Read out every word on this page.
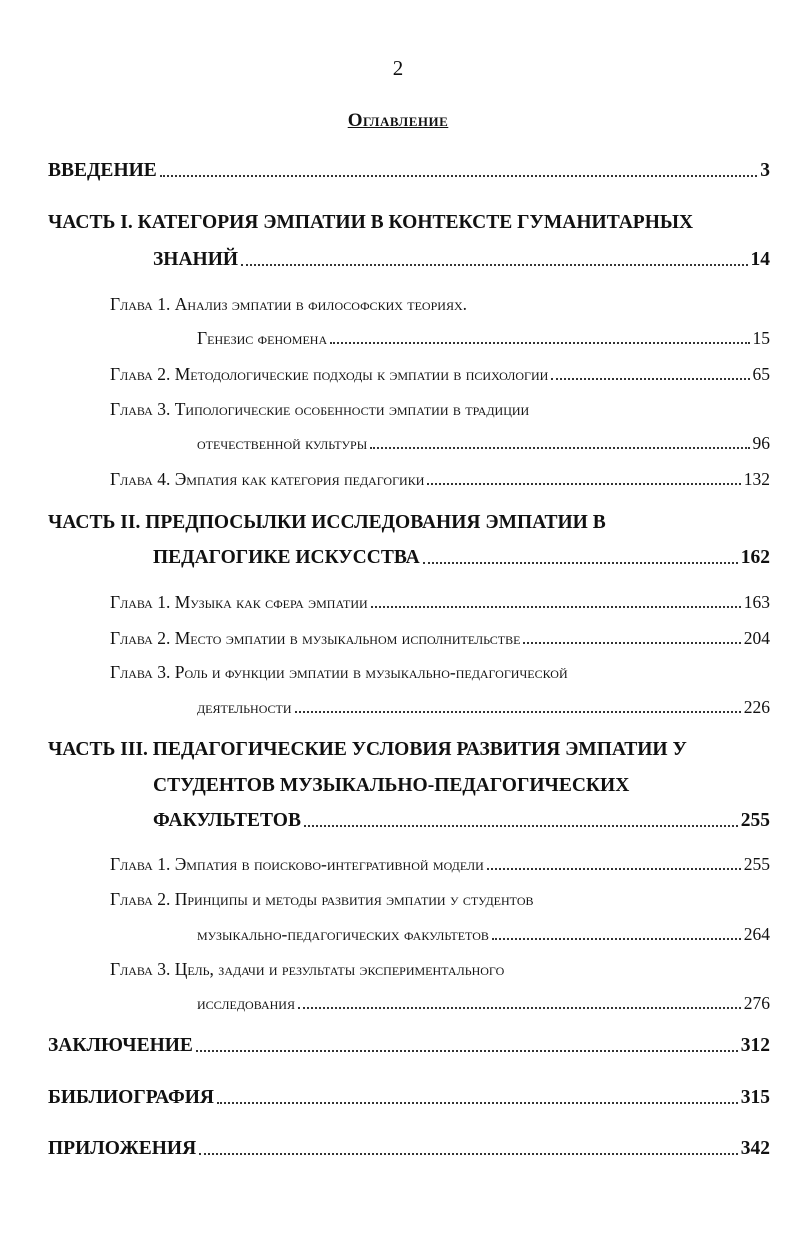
2
Оглавление
ВВЕДЕНИЕ	3
ЧАСТЬ I. КАТЕГОРИЯ ЭМПАТИИ В КОНТЕКСТЕ ГУМАНИТАРНЫХ
ЗНАНИЙ	14
Глава 1. Анализ эмпатии в философских теориях.
Генезис феномена	15
Глава 2. Методологические подходы к эмпатии в психологии	65
Глава 3. Типологические особенности эмпатии в традиции
отечественной культуры	96
Глава 4. Эмпатия как категория педагогики	132
ЧАСТЬ II. ПРЕДПОСЫЛКИ ИССЛЕДОВАНИЯ ЭМПАТИИ В
ПЕДАГОГИКЕ ИСКУССТВА	162
Глава 1. Музыка как сфера эмпатии	163
Глава 2. Место эмпатии в музыкальном исполнительстве	204
Глава 3. Роль и функции эмпатии в музыкально-педагогической
деятельности	226
ЧАСТЬ III. ПЕДАГОГИЧЕСКИЕ УСЛОВИЯ РАЗВИТИЯ ЭМПАТИИ У
СТУДЕНТОВ МУЗЫКАЛЬНО-ПЕДАГОГИЧЕСКИХ
ФАКУЛЬТЕТОВ	255
Глава 1. Эмпатия в поисково-интегративной модели	255
Глава 2. Принципы и методы развития эмпатии у студентов
музыкально-педагогических факультетов	264
Глава 3. Цель, задачи и результаты экспериментального
исследования	276
ЗАКЛЮЧЕНИЕ	312
БИБЛИОГРАФИЯ	315
ПРИЛОЖЕНИЯ	342
